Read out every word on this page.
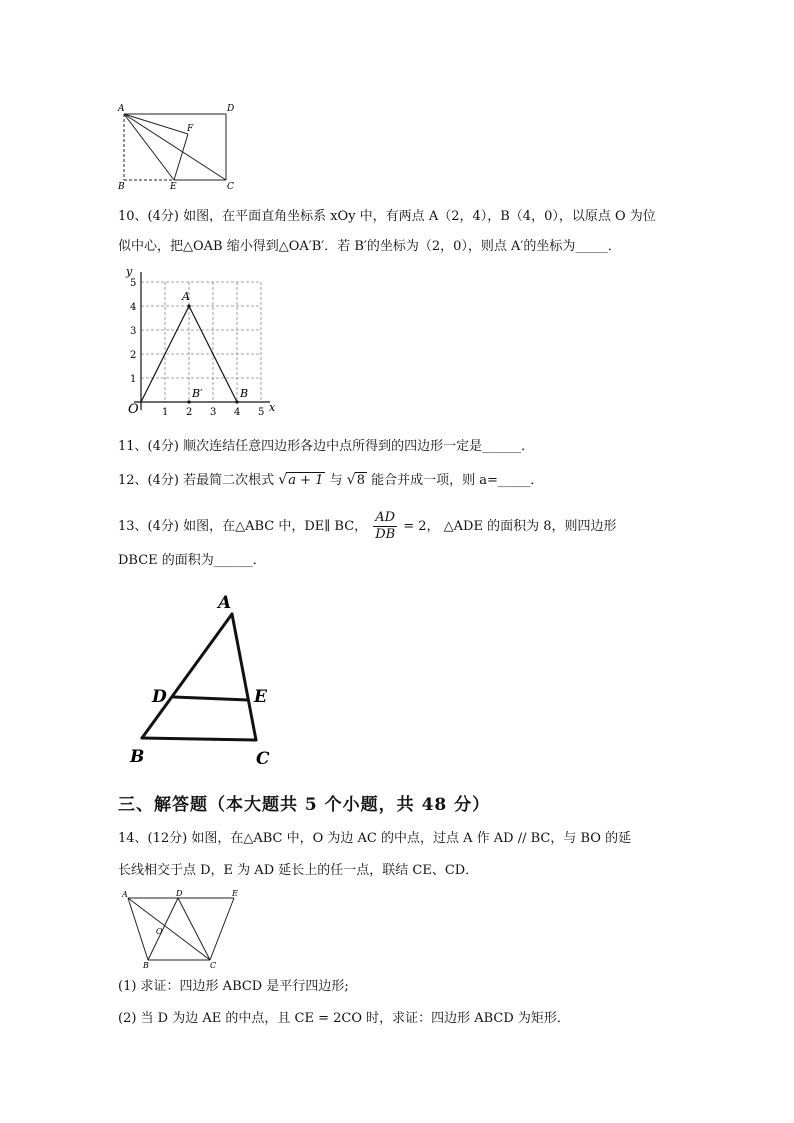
A	D
F
B	E	C
10、(4分) 如图，在平面直角坐标系 xOy 中，有两点 A（2，4），B（4，0），以原点 O 为位
似中心，把△OAB 缩小得到△OA′B′．若 B′的坐标为（2，0），则点 A′的坐标为_____．
y
x
O 1 2 3 4 5
1
2
3
4
5
A
B′	B
11、(4分) 顺次连结任意四边形各边中点所得到的四边形一定是______．
12、(4分) 若最简二次根式 √ a + 1 与 √ 8 能合并成一项，则 a=_____．
13、(4分) 如图，在△ABC 中，DE∥ BC， $\frac{AD}{DB} = 2$， △ADE 的面积为 8，则四边形
DBCE 的面积为______．
A
D	E
B	C
三、解答题（本大题共 5 个小题，共 48 分）
14、(12分) 如图，在△ABC 中，O 为边 AC 的中点，过点 A 作 AD // BC，与 BO 的延
长线相交于点 D，E 为 AD 延长上的任一点，联结 CE、CD．
A	D	E
O
B	C
(1) 求证：四边形 ABCD 是平行四边形;
(2) 当 D 为边 AE 的中点，且 CE = 2CO 时，求证：四边形 ABCD 为矩形．
